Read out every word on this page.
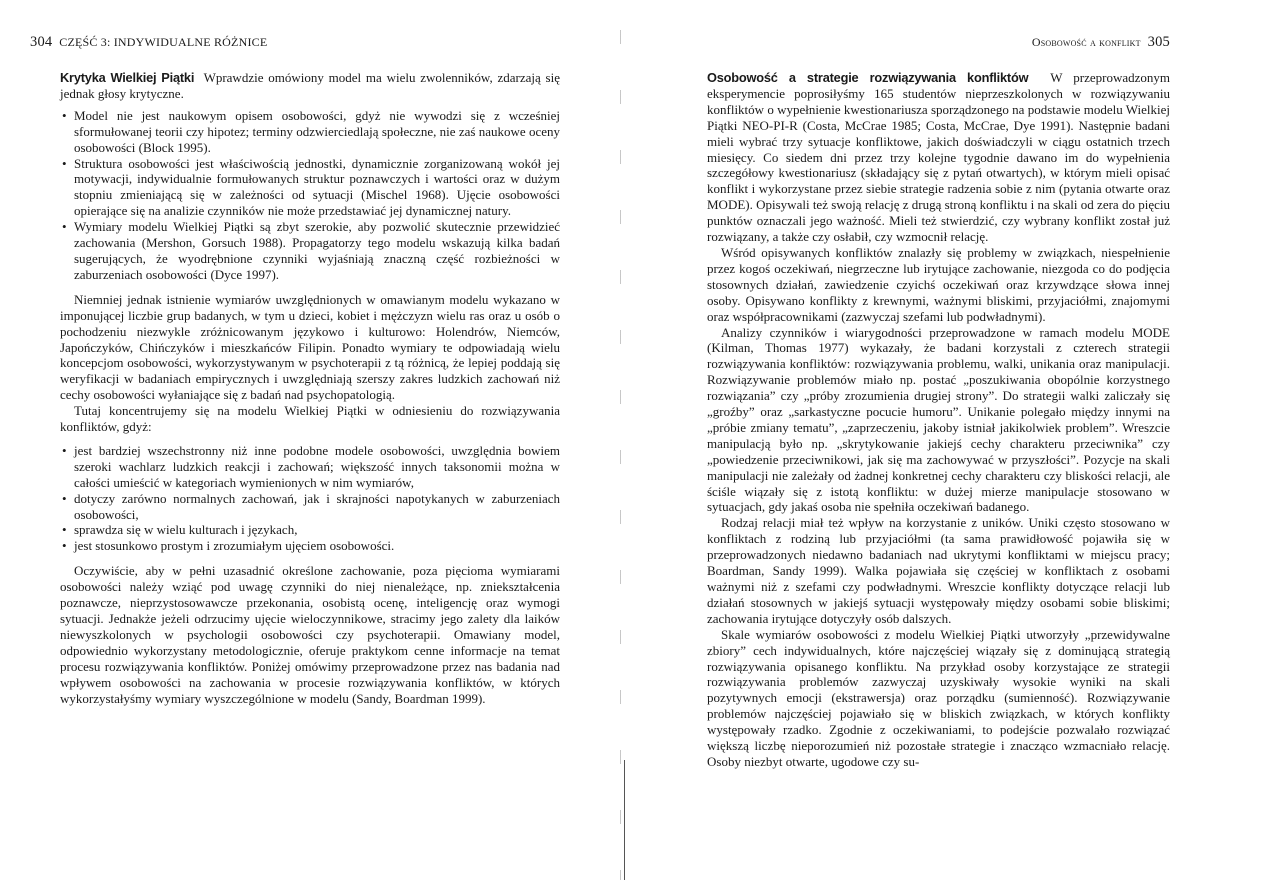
304 CZĘŚĆ 3: INDYWIDUALNE RÓŻNICE

Krytyka Wielkiej Piątki Wprawdzie omówiony model ma wielu zwolenników, zdarzają się jednak głosy krytyczne.

• Model nie jest naukowym opisem osobowości, gdyż nie wywodzi się z wcześniej sformułowanej teorii czy hipotez; terminy odzwierciedlają społeczne, nie zaś naukowe oceny osobowości (Block 1995).
• Struktura osobowości jest właściwością jednostki, dynamicznie zorganizowaną wokół jej motywacji, indywidualnie formułowanych struktur poznawczych i wartości oraz w dużym stopniu zmieniającą się w zależności od sytuacji (Mischel 1968). Ujęcie osobowości opierające się na analizie czynników nie może przedstawiać jej dynamicznej natury.
• Wymiary modelu Wielkiej Piątki są zbyt szerokie, aby pozwolić skutecznie przewidzieć zachowania (Mershon, Gorsuch 1988). Propagatorzy tego modelu wskazują kilka badań sugerujących, że wyodrębnione czynniki wyjaśniają znaczną część rozbieżności w zaburzeniach osobowości (Dyce 1997).

Niemniej jednak istnienie wymiarów uwzględnionych w omawianym modelu wykazano w imponującej liczbie grup badanych, w tym u dzieci, kobiet i mężczyzn wielu ras oraz u osób o pochodzeniu niezwykle zróżnicowanym językowo i kulturowo: Holendrów, Niemców, Japończyków, Chińczyków i mieszkańców Filipin. Ponadto wymiary te odpowiadają wielu koncepcjom osobowości, wykorzystywanym w psychoterapii z tą różnicą, że lepiej poddają się weryfikacji w badaniach empirycznych i uwzględniają szerszy zakres ludzkich zachowań niż cechy osobowości wyłaniające się z badań nad psychopatologią.

Tutaj koncentrujemy się na modelu Wielkiej Piątki w odniesieniu do rozwiązywania konfliktów, gdyż:

• jest bardziej wszechstronny niż inne podobne modele osobowości, uwzględnia bowiem szeroki wachlarz ludzkich reakcji i zachowań; większość innych taksonomii można w całości umieścić w kategoriach wymienionych w nim wymiarów,
• dotyczy zarówno normalnych zachowań, jak i skrajności napotykanych w zaburzeniach osobowości,
• sprawdza się w wielu kulturach i językach,
• jest stosunkowo prostym i zrozumiałym ujęciem osobowości.

Oczywiście, aby w pełni uzasadnić określone zachowanie, poza pięcioma wymiarami osobowości należy wziąć pod uwagę czynniki do niej nienależące, np. zniekształcenia poznawcze, nieprzystosowawcze przekonania, osobistą ocenę, inteligencję oraz wymogi sytuacji. Jednakże jeżeli odrzucimy ujęcie wieloczynnikowe, stracimy jego zalety dla laików niewyszkolonych w psychologii osobowości czy psychoterapii. Omawiany model, odpowiednio wykorzystany metodologicznie, oferuje praktykom cenne informacje na temat procesu rozwiązywania konfliktów. Poniżej omówimy przeprowadzone przez nas badania nad wpływem osobowości na zachowania w procesie rozwiązywania konfliktów, w których wykorzystałyśmy wymiary wyszczególnione w modelu (Sandy, Boardman 1999).

Osobowość a konflikt 305

Osobowość a strategie rozwiązywania konfliktów W przeprowadzonym eksperymencie poprosiłyśmy 165 studentów nieprzeszkolonych w rozwiązywaniu konfliktów o wypełnienie kwestionariusza sporządzonego na podstawie modelu Wielkiej Piątki NEO-PI-R (Costa, McCrae 1985; Costa, McCrae, Dye 1991). Następnie badani mieli wybrać trzy sytuacje konfliktowe, jakich doświadczyli w ciągu ostatnich trzech miesięcy. Co siedem dni przez trzy kolejne tygodnie dawano im do wypełnienia szczegółowy kwestionariusz (składający się z pytań otwartych), w którym mieli opisać konflikt i wykorzystane przez siebie strategie radzenia sobie z nim (pytania otwarte oraz MODE). Opisywali też swoją relację z drugą stroną konfliktu i na skali od zera do pięciu punktów oznaczali jego ważność. Mieli też stwierdzić, czy wybrany konflikt został już rozwiązany, a także czy osłabił, czy wzmocnił relację.

Wśród opisywanych konfliktów znalazły się problemy w związkach, niespełnienie przez kogoś oczekiwań, niegrzeczne lub irytujące zachowanie, niezgoda co do podjęcia stosownych działań, zawiedzenie czyichś oczekiwań oraz krzywdzące słowa innej osoby. Opisywano konflikty z krewnymi, ważnymi bliskimi, przyjaciółmi, znajomymi oraz współpracownikami (zazwyczaj szefami lub podwładnymi).

Analizy czynników i wiarygodności przeprowadzone w ramach modelu MODE (Kilman, Thomas 1977) wykazały, że badani korzystali z czterech strategii rozwiązywania konfliktów: rozwiązywania problemu, walki, unikania oraz manipulacji. Rozwiązywanie problemów miało np. postać „poszukiwania obopólnie korzystnego rozwiązania” czy „próby zrozumienia drugiej strony”. Do strategii walki zaliczały się „groźby” oraz „sarkastyczne pocucie humoru”. Unikanie polegało między innymi na „próbie zmiany tematu”, „zaprzeczeniu, jakoby istniał jakikolwiek problem”. Wreszcie manipulacją było np. „skrytykowanie jakiejś cechy charakteru przeciwnika” czy „powiedzenie przeciwnikowi, jak się ma zachowywać w przyszłości”. Pozycje na skali manipulacji nie zależały od żadnej konkretnej cechy charakteru czy bliskości relacji, ale ściśle wiązały się z istotą konfliktu: w dużej mierze manipulacje stosowano w sytuacjach, gdy jakaś osoba nie spełniła oczekiwań badanego.

Rodzaj relacji miał też wpływ na korzystanie z uników. Uniki często stosowano w konfliktach z rodziną lub przyjaciółmi (ta sama prawidłowość pojawiła się w przeprowadzonych niedawno badaniach nad ukrytymi konfliktami w miejscu pracy; Boardman, Sandy 1999). Walka pojawiała się częściej w konfliktach z osobami ważnymi niż z szefami czy podwładnymi. Wreszcie konflikty dotyczące relacji lub działań stosownych w jakiejś sytuacji występowały między osobami sobie bliskimi; zachowania irytujące dotyczyły osób dalszych.

Skale wymiarów osobowości z modelu Wielkiej Piątki utworzyły „przewidywalne zbiory” cech indywidualnych, które najczęściej wiązały się z dominującą strategią rozwiązywania opisanego konfliktu. Na przykład osoby korzystające ze strategii rozwiązywania problemów zazwyczaj uzyskiwały wysokie wyniki na skali pozytywnych emocji (ekstrawersja) oraz porządku (sumienność). Rozwiązywanie problemów najczęściej pojawiało się w bliskich związkach, w których konflikty występowały rzadko. Zgodnie z oczekiwaniami, to podejście pozwalało rozwiązać większą liczbę nieporozumień niż pozostałe strategie i znacząco wzmacniało relację. Osoby niezbyt otwarte, ugodowe czy su-
